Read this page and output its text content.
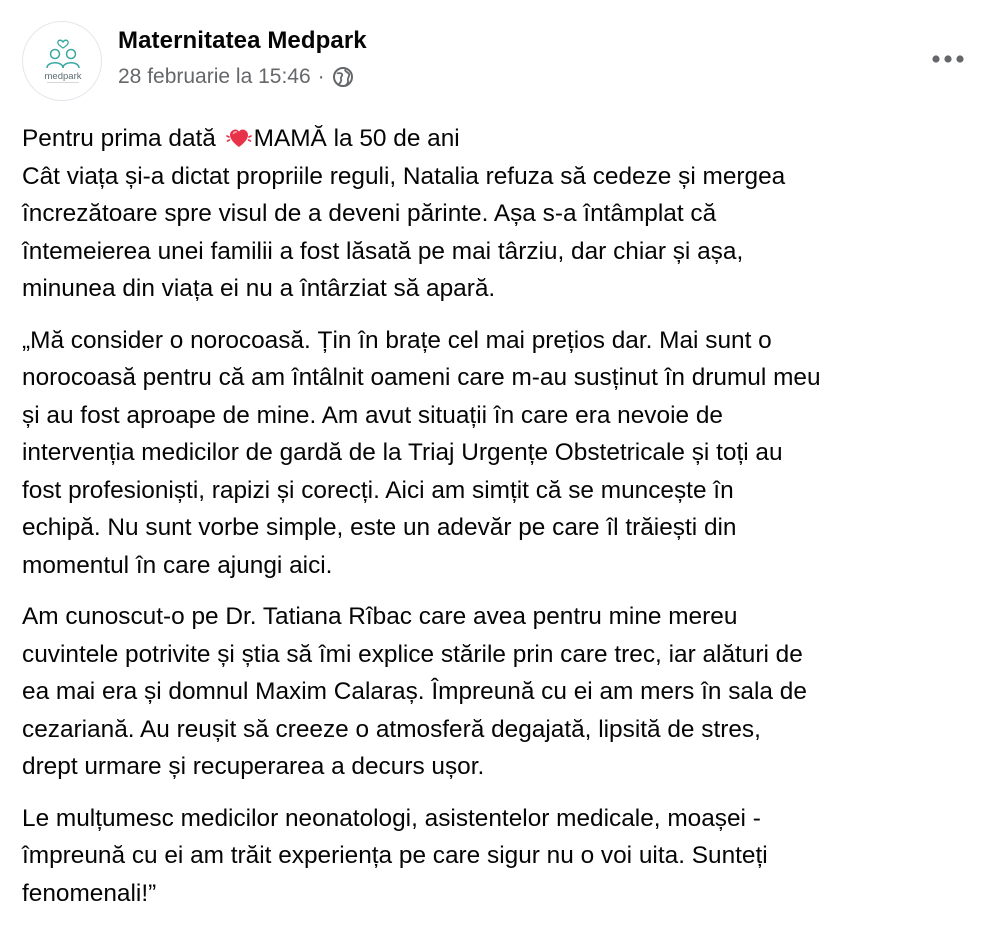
medpark
Maternitatea Medpark
28 februarie la 15:46 ·

Pentru prima dată MAMĂ la 50 de ani
Cât viața și-a dictat propriile reguli, Natalia refuza să cedeze și mergea
încrezătoare spre visul de a deveni părinte. Așa s-a întâmplat că
întemeierea unei familii a fost lăsată pe mai târziu, dar chiar și așa,
minunea din viața ei nu a întârziat să apară.

„Mă consider o norocoasă. Țin în brațe cel mai prețios dar. Mai sunt o
norocoasă pentru că am întâlnit oameni care m-au susținut în drumul meu
și au fost aproape de mine. Am avut situații în care era nevoie de
intervenția medicilor de gardă de la Triaj Urgențe Obstetricale și toți au
fost profesioniști, rapizi și corecți. Aici am simțit că se muncește în
echipă. Nu sunt vorbe simple, este un adevăr pe care îl trăiești din
momentul în care ajungi aici.

Am cunoscut-o pe Dr. Tatiana Rîbac care avea pentru mine mereu
cuvintele potrivite și știa să îmi explice stările prin care trec, iar alături de
ea mai era și domnul Maxim Calaraș. Împreună cu ei am mers în sala de
cezariană. Au reușit să creeze o atmosferă degajată, lipsită de stres,
drept urmare și recuperarea a decurs ușor.

Le mulțumesc medicilor neonatologi, asistentelor medicale, moașei -
împreună cu ei am trăit experiența pe care sigur nu o voi uita. Sunteți
fenomenali!”
